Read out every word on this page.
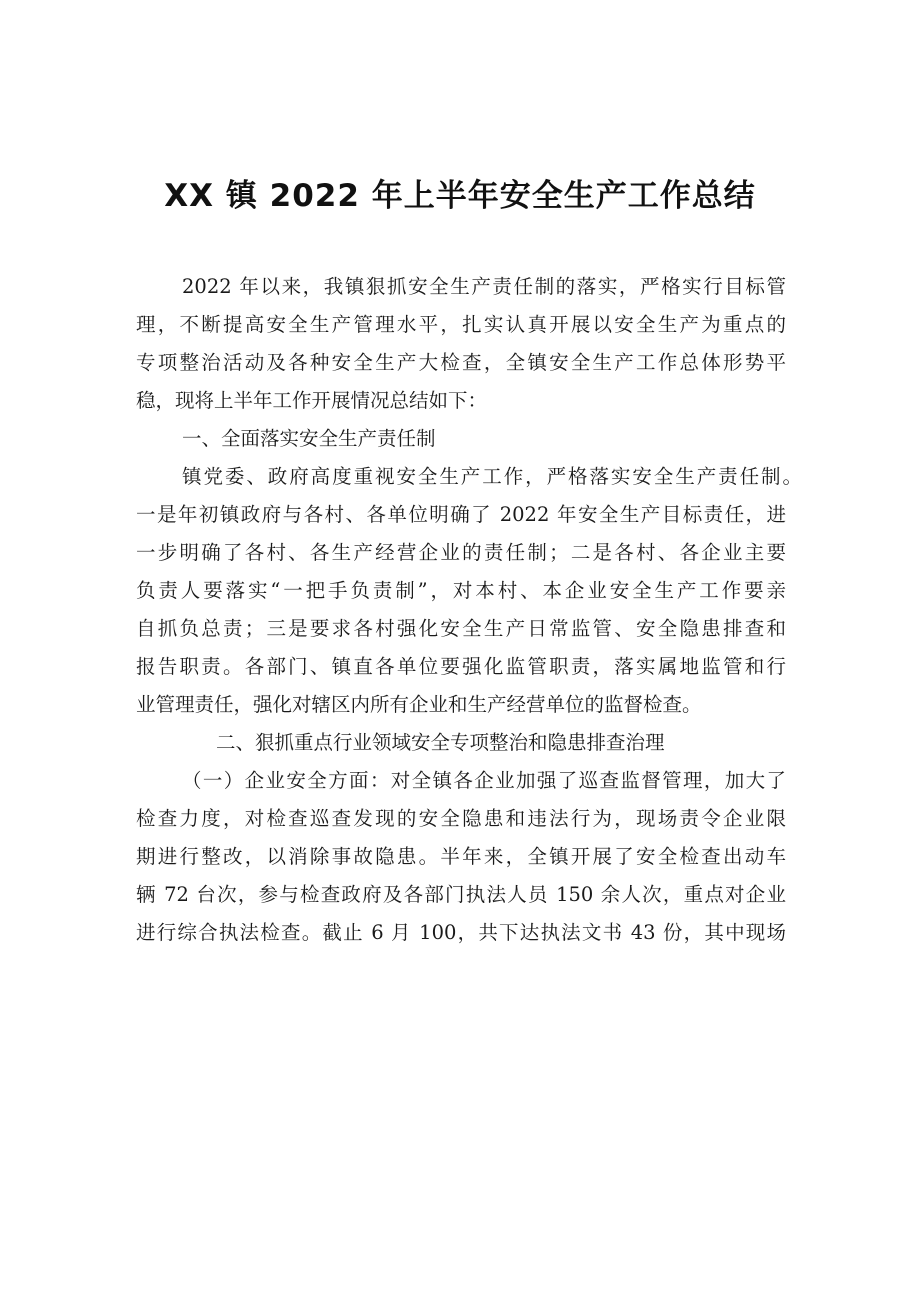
XX 镇 2022 年上半年安全生产工作总结
2022 年以来，我镇狠抓安全生产责任制的落实，严格实行目标管
理，不断提高安全生产管理水平，扎实认真开展以安全生产为重点的
专项整治活动及各种安全生产大检查，全镇安全生产工作总体形势平
稳，现将上半年工作开展情况总结如下：
一、全面落实安全生产责任制
镇党委、政府高度重视安全生产工作，严格落实安全生产责任制。
一是年初镇政府与各村、各单位明确了 2022 年安全生产目标责任，进
一步明确了各村、各生产经营企业的责任制；二是各村、各企业主要
负责人要落实“一把手负责制”，对本村、本企业安全生产工作要亲
自抓负总责；三是要求各村强化安全生产日常监管、安全隐患排查和
报告职责。各部门、镇直各单位要强化监管职责，落实属地监管和行
业管理责任，强化对辖区内所有企业和生产经营单位的监督检查。
二、狠抓重点行业领域安全专项整治和隐患排查治理
（一）企业安全方面：对全镇各企业加强了巡查监督管理，加大了
检查力度，对检查巡查发现的安全隐患和违法行为，现场责令企业限
期进行整改，以消除事故隐患。半年来，全镇开展了安全检查出动车
辆 72 台次，参与检查政府及各部门执法人员 150 余人次，重点对企业
进行综合执法检查。截止 6 月 100，共下达执法文书 43 份，其中现场
